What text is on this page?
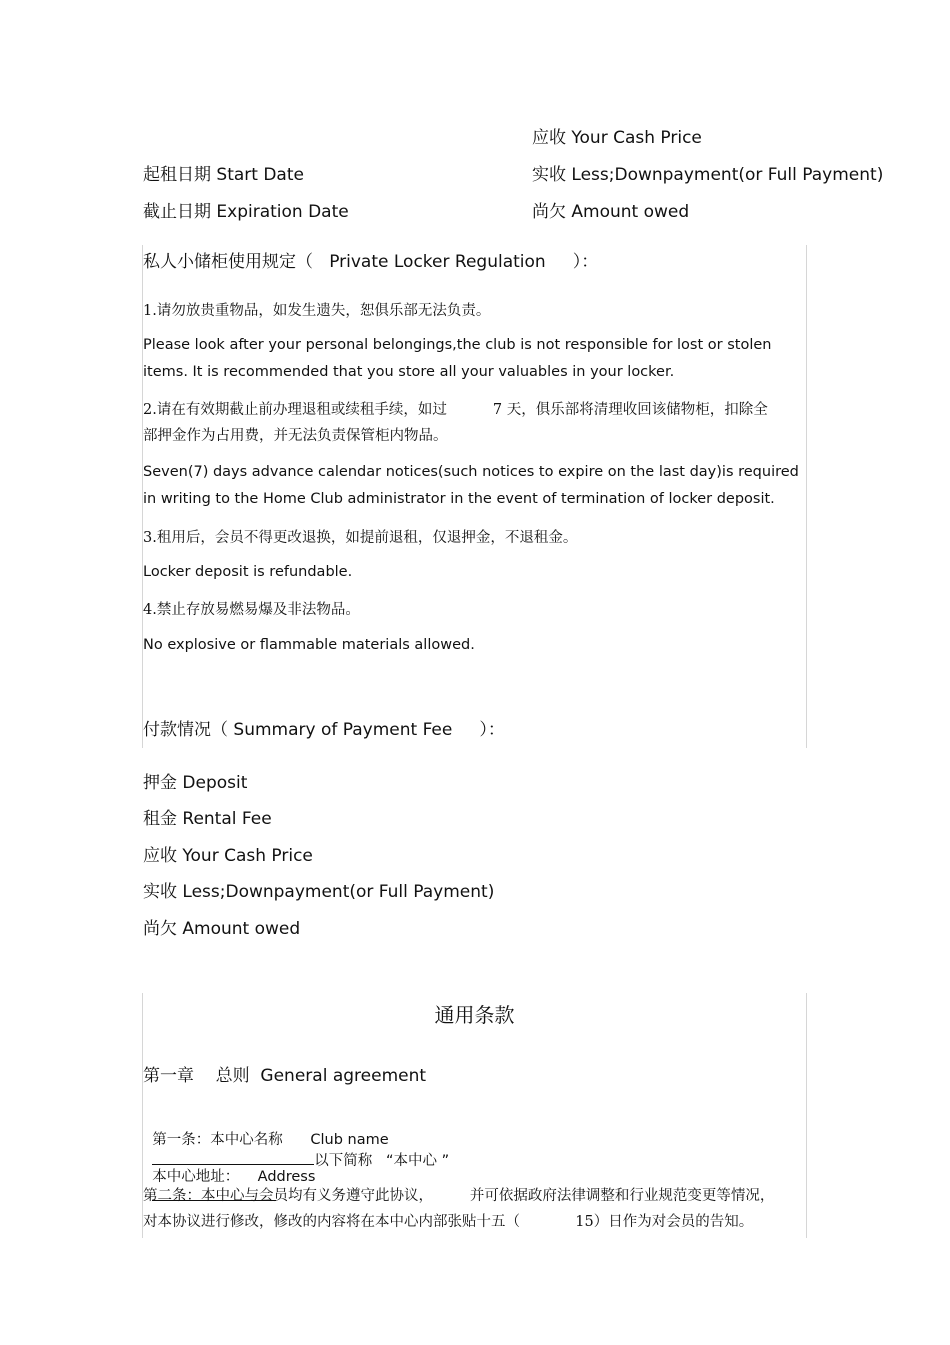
应收 Your Cash Price
起租日期 Start Date	实收 Less;Downpayment(or Full Payment)
截止日期 Expiration Date	尚欠 Amount owed
私人小储柜使用规定（   Private Locker Regulation     ）：
1.请勿放贵重物品，如发生遗失，恕俱乐部无法负责。
Please look after your personal belongings,the club is not responsible for lost or stolen
items. It is recommended that you store all your valuables in your locker.
2.请在有效期截止前办理退租或续租手续，如过          7 天，俱乐部将清理收回该储物柜，扣除全
部押金作为占用费，并无法负责保管柜内物品。
Seven(7) days advance calendar notices(such notices to expire on the last day)is required
in writing to the Home Club administrator in the event of termination of locker deposit.
3.租用后，会员不得更改退换，如提前退租，仅退押金，不退租金。
Locker deposit is refundable.
4.禁止存放易燃易爆及非法物品。
No explosive or flammable materials allowed.
付款情况（ Summary of Payment Fee     ）：
押金 Deposit
租金 Rental Fee
应收 Your Cash Price
实收 Less;Downpayment(or Full Payment)
尚欠 Amount owed
通用条款
第一章    总则  General agreement

第一条：本中心名称      Club name
以下简称   “本中心 ”

本中心地址：    Address

第二条：本中心与会员均有义务遵守此协议，        并可依据政府法律调整和行业规范变更等情况，
对本协议进行修改，修改的内容将在本中心内部张贴十五（            15）日作为对会员的告知。
